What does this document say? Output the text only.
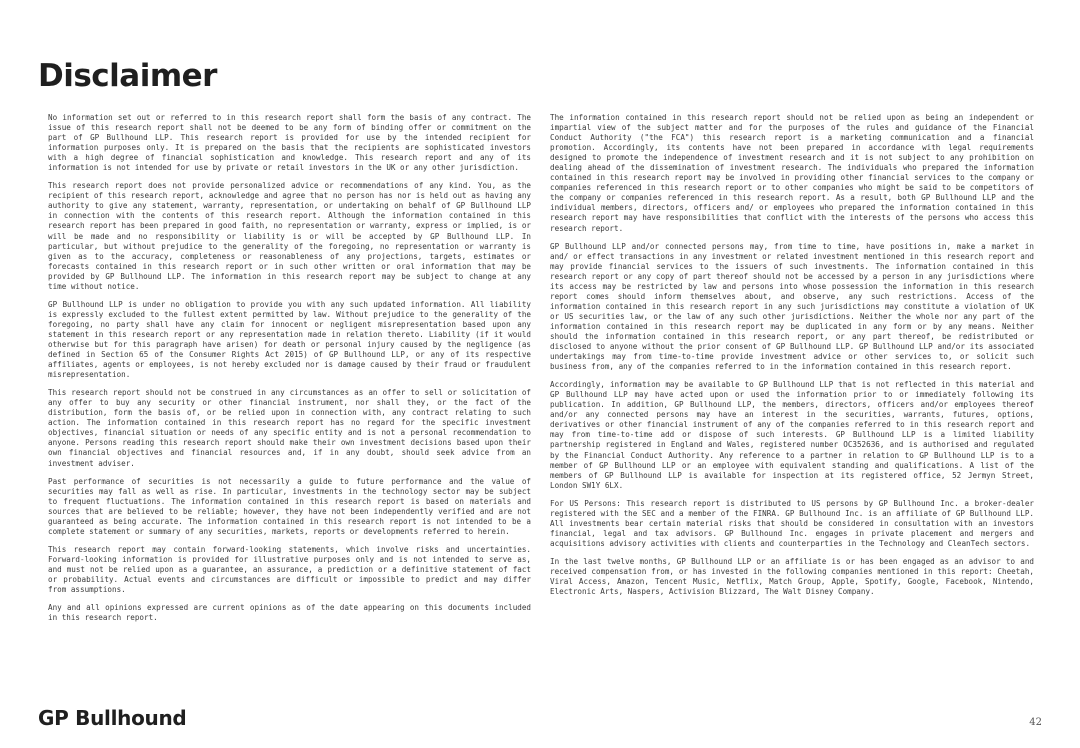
Disclaimer

No information set out or referred to in this research report shall form the basis of any contract. The issue of this research report shall not be deemed to be any form of binding offer or commitment on the part of GP Bullhound LLP. This research report is provided for use by the intended recipient for information purposes only. It is prepared on the basis that the recipients are sophisticated investors with a high degree of financial sophistication and knowledge. This research report and any of its information is not intended for use by private or retail investors in the UK or any other jurisdiction.

This research report does not provide personalized advice or recommendations of any kind. You, as the recipient of this research report, acknowledge and agree that no person has nor is held out as having any authority to give any statement, warranty, representation, or undertaking on behalf of GP Bullhound LLP in connection with the contents of this research report. Although the information contained in this research report has been prepared in good faith, no representation or warranty, express or implied, is or will be made and no responsibility or liability is or will be accepted by GP Bullhound LLP. In particular, but without prejudice to the generality of the foregoing, no representation or warranty is given as to the accuracy, completeness or reasonableness of any projections, targets, estimates or forecasts contained in this research report or in such other written or oral information that may be provided by GP Bullhound LLP. The information in this research report may be subject to change at any time without notice.

GP Bullhound LLP is under no obligation to provide you with any such updated information. All liability is expressly excluded to the fullest extent permitted by law. Without prejudice to the generality of the foregoing, no party shall have any claim for innocent or negligent misrepresentation based upon any statement in this research report or any representation made in relation thereto. Liability (if it would otherwise but for this paragraph have arisen) for death or personal injury caused by the negligence (as defined in Section 65 of the Consumer Rights Act 2015) of GP Bullhound LLP, or any of its respective affiliates, agents or employees, is not hereby excluded nor is damage caused by their fraud or fraudulent misrepresentation.

This research report should not be construed in any circumstances as an offer to sell or solicitation of any offer to buy any security or other financial instrument, nor shall they, or the fact of the distribution, form the basis of, or be relied upon in connection with, any contract relating to such action. The information contained in this research report has no regard for the specific investment objectives, financial situation or needs of any specific entity and is not a personal recommendation to anyone. Persons reading this research report should make their own investment decisions based upon their own financial objectives and financial resources and, if in any doubt, should seek advice from an investment adviser.

Past performance of securities is not necessarily a guide to future performance and the value of securities may fall as well as rise. In particular, investments in the technology sector may be subject to frequent fluctuations. The information contained in this research report is based on materials and sources that are believed to be reliable; however, they have not been independently verified and are not guaranteed as being accurate. The information contained in this research report is not intended to be a complete statement or summary of any securities, markets, reports or developments referred to herein.

This research report may contain forward-looking statements, which involve risks and uncertainties. Forward-looking information is provided for illustrative purposes only and is not intended to serve as, and must not be relied upon as a guarantee, an assurance, a prediction or a definitive statement of fact or probability. Actual events and circumstances are difficult or impossible to predict and may differ from assumptions.

Any and all opinions expressed are current opinions as of the date appearing on this documents included in this research report.

The information contained in this research report should not be relied upon as being an independent or impartial view of the subject matter and for the purposes of the rules and guidance of the Financial Conduct Authority ("the FCA") this research report is a marketing communication and a financial promotion. Accordingly, its contents have not been prepared in accordance with legal requirements designed to promote the independence of investment research and it is not subject to any prohibition on dealing ahead of the dissemination of investment research. The individuals who prepared the information contained in this research report may be involved in providing other financial services to the company or companies referenced in this research report or to other companies who might be said to be competitors of the company or companies referenced in this research report. As a result, both GP Bullhound LLP and the individual members, directors, officers and/ or employees who prepared the information contained in this research report may have responsibilities that conflict with the interests of the persons who access this research report.

GP Bullhound LLP and/or connected persons may, from time to time, have positions in, make a market in and/ or effect transactions in any investment or related investment mentioned in this research report and may provide financial services to the issuers of such investments. The information contained in this research report or any copy of part thereof should not be accessed by a person in any jurisdictions where its access may be restricted by law and persons into whose possession the information in this research report comes should inform themselves about, and observe, any such restrictions. Access of the information contained in this research report in any such jurisdictions may constitute a violation of UK or US securities law, or the law of any such other jurisdictions. Neither the whole nor any part of the information contained in this research report may be duplicated in any form or by any means. Neither should the information contained in this research report, or any part thereof, be redistributed or disclosed to anyone without the prior consent of GP Bullhound LLP. GP Bullhound LLP and/or its associated undertakings may from time-to-time provide investment advice or other services to, or solicit such business from, any of the companies referred to in the information contained in this research report.

Accordingly, information may be available to GP Bullhound LLP that is not reflected in this material and GP Bullhound LLP may have acted upon or used the information prior to or immediately following its publication. In addition, GP Bullhound LLP, the members, directors, officers and/or employees thereof and/or any connected persons may have an interest in the securities, warrants, futures, options, derivatives or other financial instrument of any of the companies referred to in this research report and may from time-to-time add or dispose of such interests. GP Bullhound LLP is a limited liability partnership registered in England and Wales, registered number OC352636, and is authorised and regulated by the Financial Conduct Authority. Any reference to a partner in relation to GP Bullhound LLP is to a member of GP Bullhound LLP or an employee with equivalent standing and qualifications. A list of the members of GP Bullhound LLP is available for inspection at its registered office, 52 Jermyn Street, London SW1Y 6LX.

For US Persons: This research report is distributed to US persons by GP Bullhound Inc. a broker-dealer registered with the SEC and a member of the FINRA. GP Bullhound Inc. is an affiliate of GP Bullhound LLP. All investments bear certain material risks that should be considered in consultation with an investors financial, legal and tax advisors. GP Bullhound Inc. engages in private placement and mergers and acquisitions advisory activities with clients and counterparties in the Technology and CleanTech sectors.

In the last twelve months, GP Bullhound LLP or an affiliate is or has been engaged as an advisor to and received compensation from, or has invested in the following companies mentioned in this report: Cheetah, Viral Access, Amazon, Tencent Music, Netflix, Match Group, Apple, Spotify, Google, Facebook, Nintendo, Electronic Arts, Naspers, Activision Blizzard, The Walt Disney Company.

GP Bullhound	42
